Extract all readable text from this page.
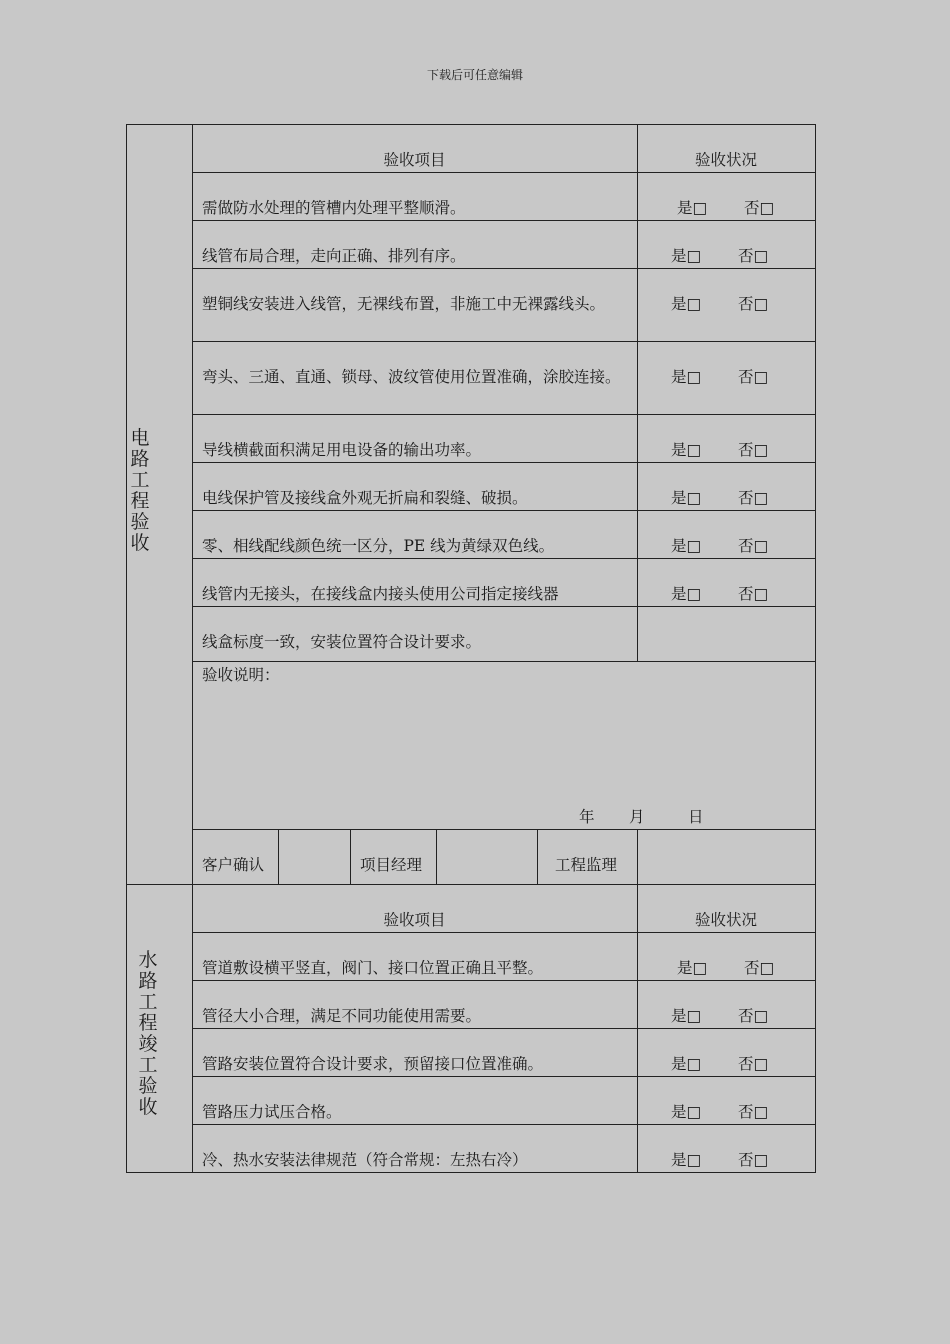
下载后可任意编辑
电
路
工
程
验
收
验收项目	验收状况
需做防水处理的管槽内处理平整顺滑。	是□ 否□
线管布局合理，走向正确、排列有序。	是□ 否□
塑铜线安装进入线管，无裸线布置，非施工中无裸露线头。	是□ 否□
弯头、三通、直通、锁母、波纹管使用位置准确，涂胶连接。	是□ 否□
导线横截面积满足用电设备的输出功率。	是□ 否□
电线保护管及接线盒外观无折扁和裂缝、破损。	是□ 否□
零、相线配线颜色统一区分，PE 线为黄绿双色线。	是□ 否□
线管内无接头，在接线盒内接头使用公司指定接线器	是□ 否□
线盒标度一致，安装位置符合设计要求。
验收说明：
年 月	日
客户确认	项目经理	工程监理
水
路
工
程
竣
工
验
收
验收项目	验收状况
管道敷设横平竖直，阀门、接口位置正确且平整。	是□ 否□
管径大小合理，满足不同功能使用需要。	是□ 否□
管路安装位置符合设计要求，预留接口位置准确。	是□ 否□
管路压力试压合格。	是□ 否□
冷、热水安装法律规范（符合常规：左热右冷）	是□ 否□
